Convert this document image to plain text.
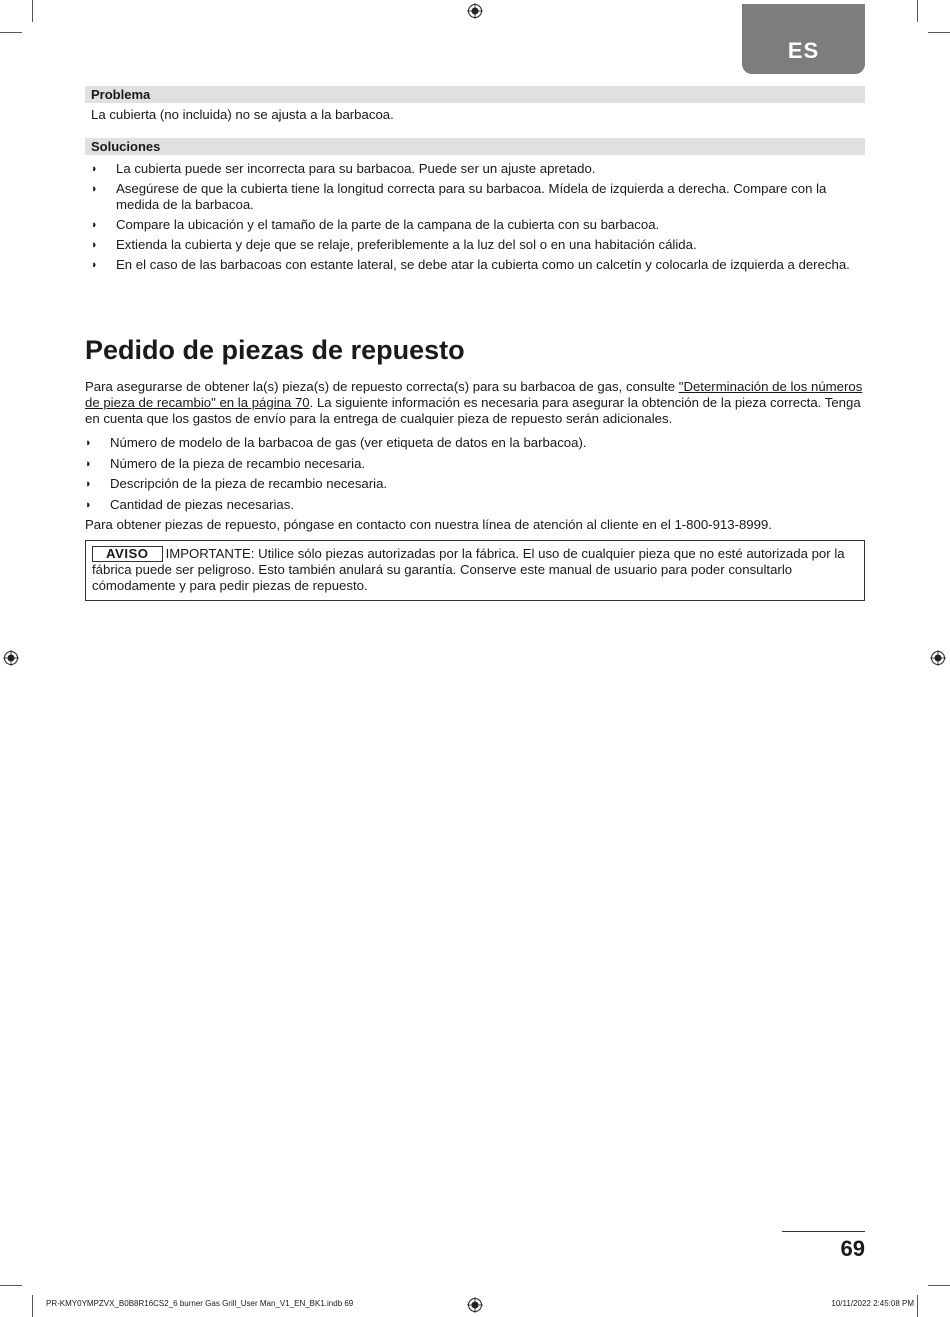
ES
Problema
La cubierta (no incluida) no se ajusta a la barbacoa.
Soluciones
◗ La cubierta puede ser incorrecta para su barbacoa. Puede ser un ajuste apretado.
◗ Asegúrese de que la cubierta tiene la longitud correcta para su barbacoa. Mídela de izquierda a derecha. Compare con la medida de la barbacoa.
◗ Compare la ubicación y el tamaño de la parte de la campana de la cubierta con su barbacoa.
◗ Extienda la cubierta y deje que se relaje, preferiblemente a la luz del sol o en una habitación cálida.
◗ En el caso de las barbacoas con estante lateral, se debe atar la cubierta como un calcetín y colocarla de izquierda a derecha.
Pedido de piezas de repuesto
Para asegurarse de obtener la(s) pieza(s) de repuesto correcta(s) para su barbacoa de gas, consulte "Determinación de los números de pieza de recambio" en la página 70. La siguiente información es necesaria para asegurar la obtención de la pieza correcta. Tenga en cuenta que los gastos de envío para la entrega de cualquier pieza de repuesto serán adicionales.
◗ Número de modelo de la barbacoa de gas (ver etiqueta de datos en la barbacoa).
◗ Número de la pieza de recambio necesaria.
◗ Descripción de la pieza de recambio necesaria.
◗ Cantidad de piezas necesarias.
Para obtener piezas de repuesto, póngase en contacto con nuestra línea de atención al cliente en el 1-800-913-8999.
AVISO IMPORTANTE: Utilice sólo piezas autorizadas por la fábrica. El uso de cualquier pieza que no esté autorizada por la fábrica puede ser peligroso. Esto también anulará su garantía. Conserve este manual de usuario para poder consultarlo cómodamente y para pedir piezas de repuesto.
69
PR-KMY0YMPZVX_B0B8R16CS2_6 burner Gas Grill_User Man_V1_EN_BK1.indb 69	10/11/2022 2:45:08 PM
